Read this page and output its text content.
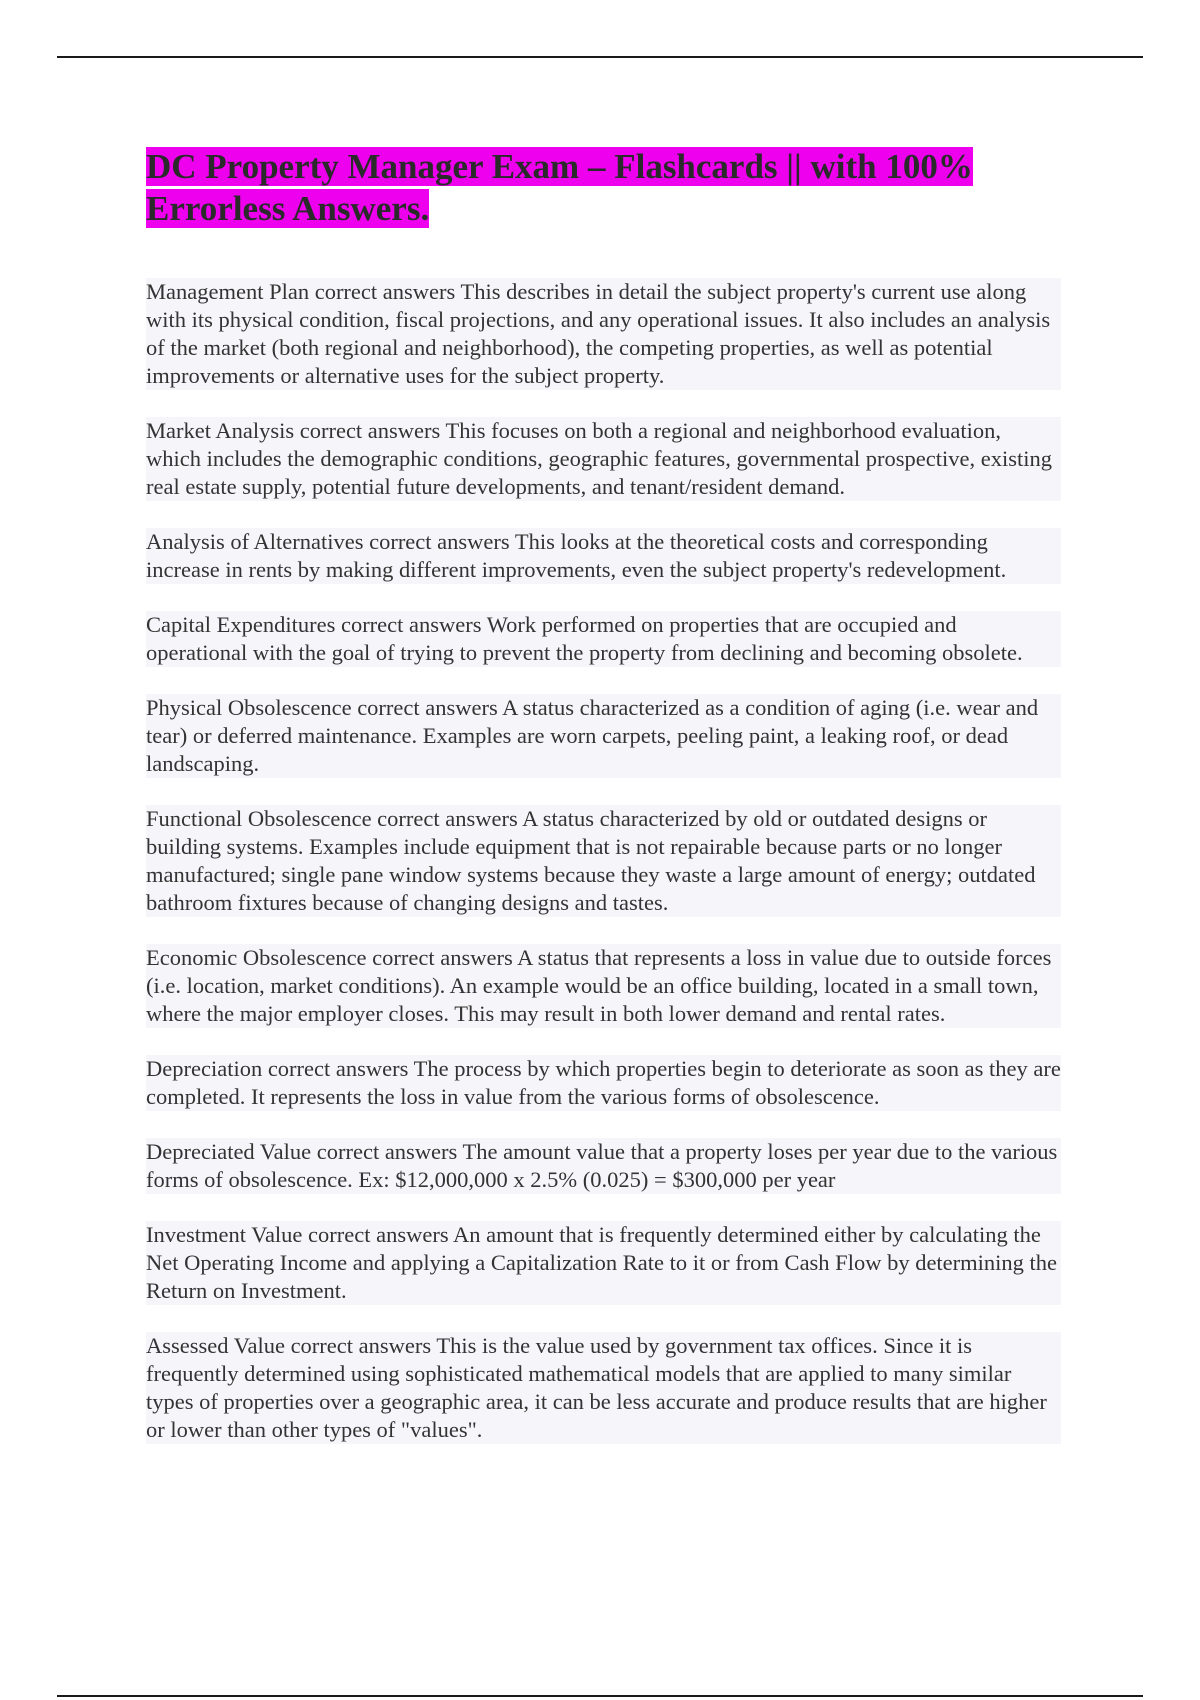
DC Property Manager Exam – Flashcards || with 100% Errorless Answers.

Management Plan correct answers This describes in detail the subject property's current use along with its physical condition, fiscal projections, and any operational issues. It also includes an analysis of the market (both regional and neighborhood), the competing properties, as well as potential improvements or alternative uses for the subject property.

Market Analysis correct answers This focuses on both a regional and neighborhood evaluation, which includes the demographic conditions, geographic features, governmental prospective, existing real estate supply, potential future developments, and tenant/resident demand.

Analysis of Alternatives correct answers This looks at the theoretical costs and corresponding increase in rents by making different improvements, even the subject property's redevelopment.

Capital Expenditures correct answers Work performed on properties that are occupied and operational with the goal of trying to prevent the property from declining and becoming obsolete.

Physical Obsolescence correct answers A status characterized as a condition of aging (i.e. wear and tear) or deferred maintenance. Examples are worn carpets, peeling paint, a leaking roof, or dead landscaping.

Functional Obsolescence correct answers A status characterized by old or outdated designs or building systems. Examples include equipment that is not repairable because parts or no longer manufactured; single pane window systems because they waste a large amount of energy; outdated bathroom fixtures because of changing designs and tastes.

Economic Obsolescence correct answers A status that represents a loss in value due to outside forces (i.e. location, market conditions). An example would be an office building, located in a small town, where the major employer closes. This may result in both lower demand and rental rates.

Depreciation correct answers The process by which properties begin to deteriorate as soon as they are completed. It represents the loss in value from the various forms of obsolescence.

Depreciated Value correct answers The amount value that a property loses per year due to the various forms of obsolescence. Ex: $12,000,000 x 2.5% (0.025) = $300,000 per year

Investment Value correct answers An amount that is frequently determined either by calculating the Net Operating Income and applying a Capitalization Rate to it or from Cash Flow by determining the Return on Investment.

Assessed Value correct answers This is the value used by government tax offices. Since it is frequently determined using sophisticated mathematical models that are applied to many similar types of properties over a geographic area, it can be less accurate and produce results that are higher or lower than other types of "values".
